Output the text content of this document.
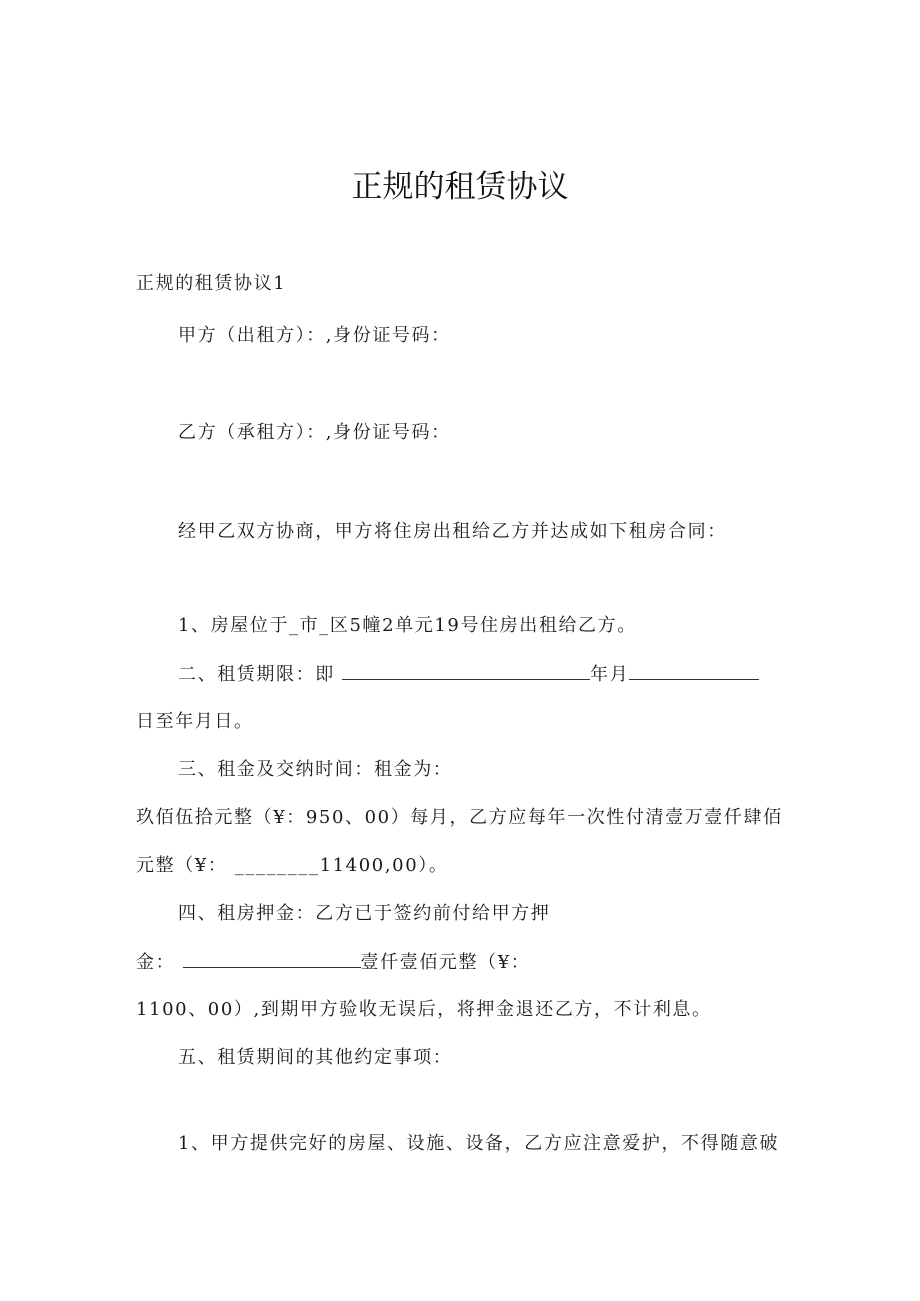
正规的租赁协议
正规的租赁协议1
甲方（出租方）：,身份证号码：
乙方（承租方）：,身份证号码：
经甲乙双方协商，甲方将住房出租给乙方并达成如下租房合同：
1、房屋位于_市_区5幢2单元19号住房出租给乙方。
二、租赁期限：即	年月
日至年月日。
三、租金及交纳时间：租金为：
玖佰伍拾元整（¥：950、00）每月，乙方应每年一次性付清壹万壹仟肆佰
元整（¥： ________11400,00）。
四、租房押金：乙方已于签约前付给甲方押
金：	壹仟壹佰元整（¥：
1100、00）,到期甲方验收无误后，将押金退还乙方，不计利息。
五、租赁期间的其他约定事项：
1、甲方提供完好的房屋、设施、设备，乙方应注意爱护，不得随意破
